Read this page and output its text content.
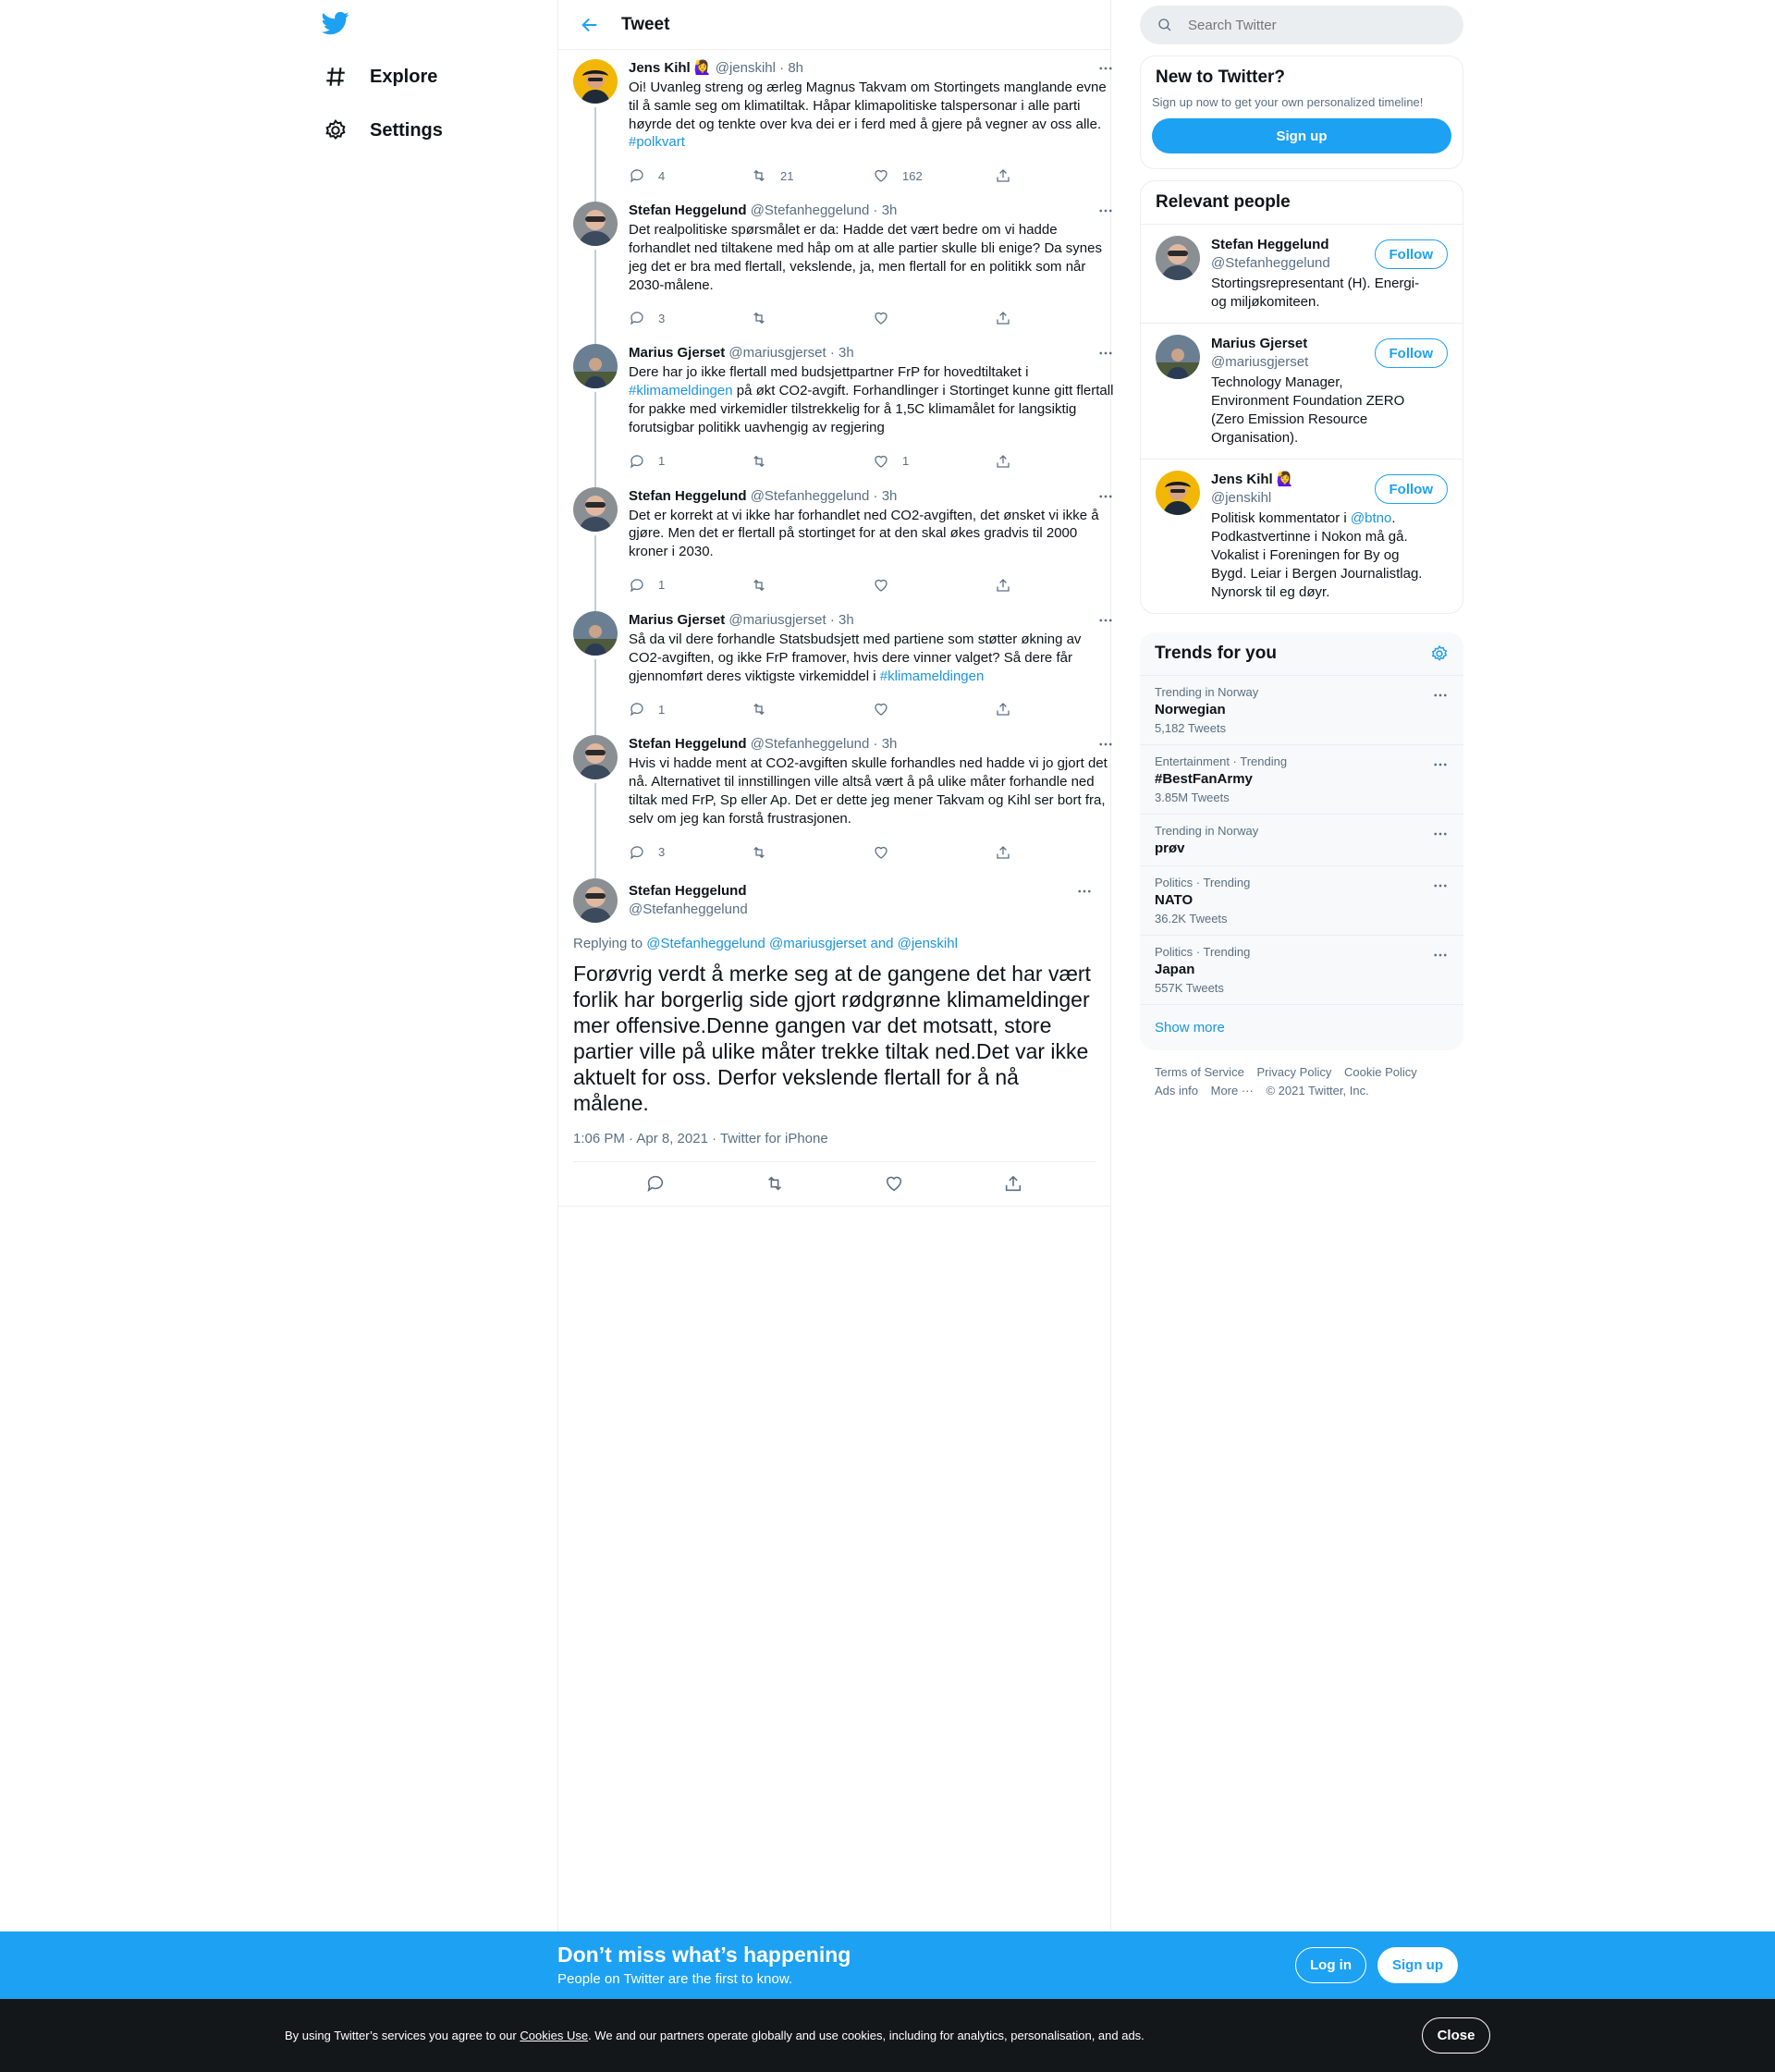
Explore
Settings
Tweet
Jens Kihl 🙋‍♀️ @jenskihl · 8h
Oi! Uvanleg streng og ærleg Magnus Takvam om Stortingets manglande evne til å samle seg om klimatiltak. Håpar klimapolitiske talspersonar i alle parti høyrde det og tenkte over kva dei er i ferd med å gjere på vegner av oss alle. #polkvart
4	21	162
Stefan Heggelund @Stefanheggelund · 3h
Det realpolitiske spørsmålet er da: Hadde det vært bedre om vi hadde forhandlet ned tiltakene med håp om at alle partier skulle bli enige? Da synes jeg det er bra med flertall, vekslende, ja, men flertall for en politikk som når 2030-målene.
3
Marius Gjerset @mariusgjerset · 3h
Dere har jo ikke flertall med budsjettpartner FrP for hovedtiltaket i #klimameldingen på økt CO2-avgift. Forhandlinger i Stortinget kunne gitt flertall for pakke med virkemidler tilstrekkelig for å 1,5C klimamålet for langsiktig forutsigbar politikk uavhengig av regjering
1	1
Stefan Heggelund @Stefanheggelund · 3h
Det er korrekt at vi ikke har forhandlet ned CO2-avgiften, det ønsket vi ikke å gjøre. Men det er flertall på stortinget for at den skal økes gradvis til 2000 kroner i 2030.
1
Marius Gjerset @mariusgjerset · 3h
Så da vil dere forhandle Statsbudsjett med partiene som støtter økning av CO2-avgiften, og ikke FrP framover, hvis dere vinner valget? Så dere får gjennomført deres viktigste virkemiddel i #klimameldingen
1
Stefan Heggelund @Stefanheggelund · 3h
Hvis vi hadde ment at CO2-avgiften skulle forhandles ned hadde vi jo gjort det nå. Alternativet til innstillingen ville altså vært å på ulike måter forhandle ned tiltak med FrP, Sp eller Ap. Det er dette jeg mener Takvam og Kihl ser bort fra, selv om jeg kan forstå frustrasjonen.
3
Stefan Heggelund
@Stefanheggelund
Replying to @Stefanheggelund @mariusgjerset and @jenskihl
Forøvrig verdt å merke seg at de gangene det har vært forlik har borgerlig side gjort rødgrønne klimameldinger mer offensive.Denne gangen var det motsatt, store partier ville på ulike måter trekke tiltak ned.Det var ikke aktuelt for oss. Derfor vekslende flertall for å nå målene.
1:06 PM · Apr 8, 2021 · Twitter for iPhone
Search Twitter
New to Twitter?
Sign up now to get your own personalized timeline!
Sign up
Relevant people
Stefan Heggelund
@Stefanheggelund
Stortingsrepresentant (H). Energi- og miljøkomiteen.
Follow
Marius Gjerset
@mariusgjerset
Technology Manager, Environment Foundation ZERO (Zero Emission Resource Organisation).
Follow
Jens Kihl 🙋‍♀️
@jenskihl
Politisk kommentator i @btno. Podkastvertinne i Nokon må gå. Vokalist i Foreningen for By og Bygd. Leiar i Bergen Journalistlag. Nynorsk til eg døyr.
Follow
Trends for you
Trending in Norway
Norwegian
5,182 Tweets
Entertainment · Trending
#BestFanArmy
3.85M Tweets
Trending in Norway
prøv
Politics · Trending
NATO
36.2K Tweets
Politics · Trending
Japan
557K Tweets
Show more
Terms of Service Privacy Policy Cookie Policy
Ads info More ··· © 2021 Twitter, Inc.
Don’t miss what’s happening
People on Twitter are the first to know.
Log in	Sign up
By using Twitter’s services you agree to our Cookies Use. We and our partners operate globally and use cookies, including for analytics, personalisation, and ads.	Close
